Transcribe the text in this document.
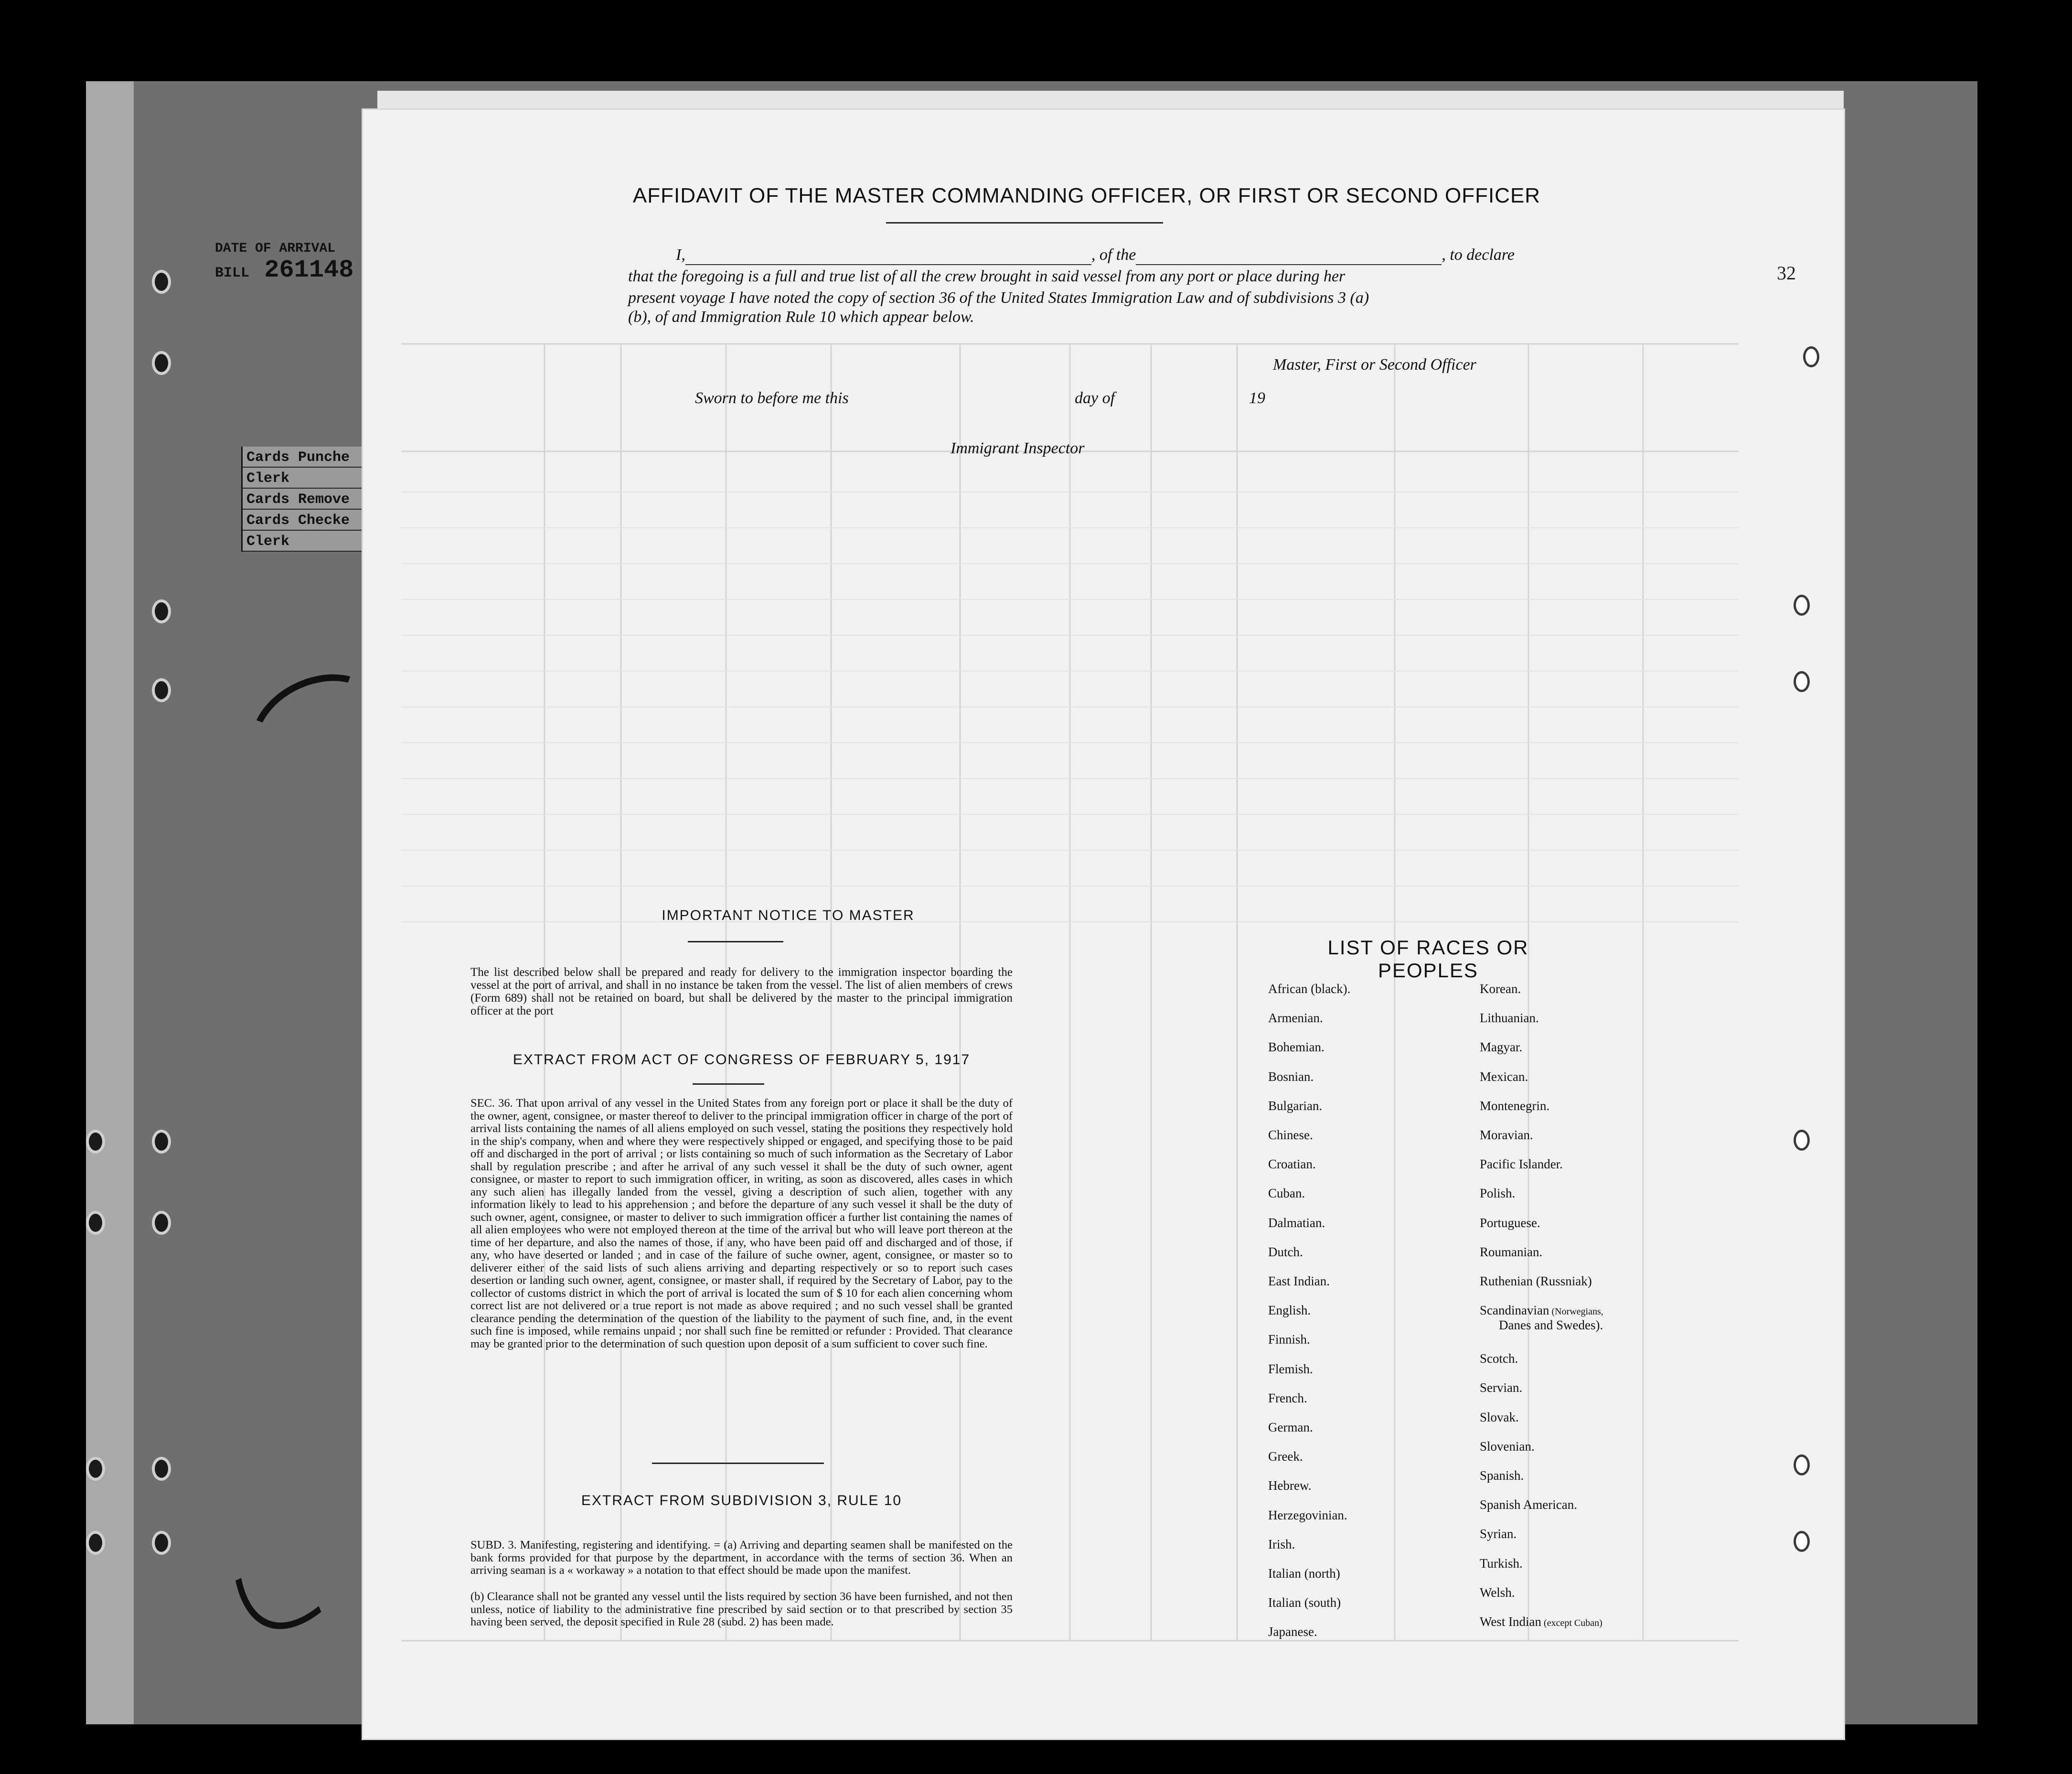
DATE OF ARRIVAL
BILL 261148
Cards Punche
Clerk
Cards Remove
Cards Checke
Clerk
32
AFFIDAVIT OF THE MASTER COMMANDING OFFICER, OR FIRST OR SECOND OFFICER
I,	, of the	, to declare
that the foregoing is a full and true list of all the crew brought in said vessel from any port or place during her
present voyage I have noted the copy of section 36 of the United States Immigration Law and of subdivisions 3 (a)
(b), of and Immigration Rule 10 which appear below.
Master, First or Second Officer
Sworn to before me this	day of	19
Immigrant Inspector
IMPORTANT NOTICE TO MASTER
The list described below shall be prepared and ready for delivery to the immigration inspector boarding the vessel at the port of arrival, and shall in no instance be taken from the vessel. The list of alien members of crews (Form 689) shall not be retained on board, but shall be delivered by the master to the principal immigration officer at the port
EXTRACT FROM ACT OF CONGRESS OF FEBRUARY 5, 1917
SEC. 36. That upon arrival of any vessel in the United States from any foreign port or place it shall be the duty of the owner, agent, consignee, or master thereof to deliver to the principal immigration officer in charge of the port of arrival lists containing the names of all aliens employed on such vessel, stating the positions they respectively hold in the ship's company, when and where they were respectively shipped or engaged, and specifying those to be paid off and discharged in the port of arrival ; or lists containing so much of such information as the Secretary of Labor shall by regulation prescribe ; and after he arrival of any such vessel it shall be the duty of such owner, agent consignee, or master to report to such immigration officer, in writing, as soon as discovered, alles cases in which any such alien has illegally landed from the vessel, giving a description of such alien, together with any information likely to lead to his apprehension ; and before the departure of any such vessel it shall be the duty of such owner, agent, consignee, or master to deliver to such immigration officer a further list containing the names of all alien employees who were not employed thereon at the time of the arrival but who will leave port thereon at the time of her departure, and also the names of those, if any, who have been paid off and discharged and of those, if any, who have deserted or landed ; and in case of the failure of suche owner, agent, consignee, or master so to deliverer either of the said lists of such aliens arriving and departing respectively or so to report such cases desertion or landing such owner, agent, consignee, or master shall, if required by the Secretary of Labor, pay to the collector of customs district in which the port of arrival is located the sum of $ 10 for each alien concerning whom correct list are not delivered or a true report is not made as above required ; and no such vessel shall be granted clearance pending the determination of the question of the liability to the payment of such fine, and, in the event such fine is imposed, while remains unpaid ; nor shall such fine be remitted or refunder : Provided. That clearance may be granted prior to the determination of such question upon deposit of a sum sufficient to cover such fine.
EXTRACT FROM SUBDIVISION 3, RULE 10
SUBD. 3. Manifesting, registering and identifying. = (a) Arriving and departing seamen shall be manifested on the bank forms provided for that purpose by the department, in accordance with the terms of section 36. When an arriving seaman is a « workaway » a notation to that effect should be made upon the manifest.
(b) Clearance shall not be granted any vessel until the lists required by section 36 have been furnished, and not then unless, notice of liability to the administrative fine prescribed by said section or to that prescribed by section 35 having been served, the deposit specified in Rule 28 (subd. 2) has been made.
LIST OF RACES OR PEOPLES
African (black).
Armenian.
Bohemian.
Bosnian.
Bulgarian.
Chinese.
Croatian.
Cuban.
Dalmatian.
Dutch.
East Indian.
English.
Finnish.
Flemish.
French.
German.
Greek.
Hebrew.
Herzegovinian.
Irish.
Italian (north)
Italian (south)
Japanese.
Korean.
Lithuanian.
Magyar.
Mexican.
Montenegrin.
Moravian.
Pacific Islander.
Polish.
Portuguese.
Roumanian.
Ruthenian (Russniak)
Scandinavian (Norwegians,
Danes and Swedes).
Scotch.
Servian.
Slovak.
Slovenian.
Spanish.
Spanish American.
Syrian.
Turkish.
Welsh.
West Indian (except Cuban)
